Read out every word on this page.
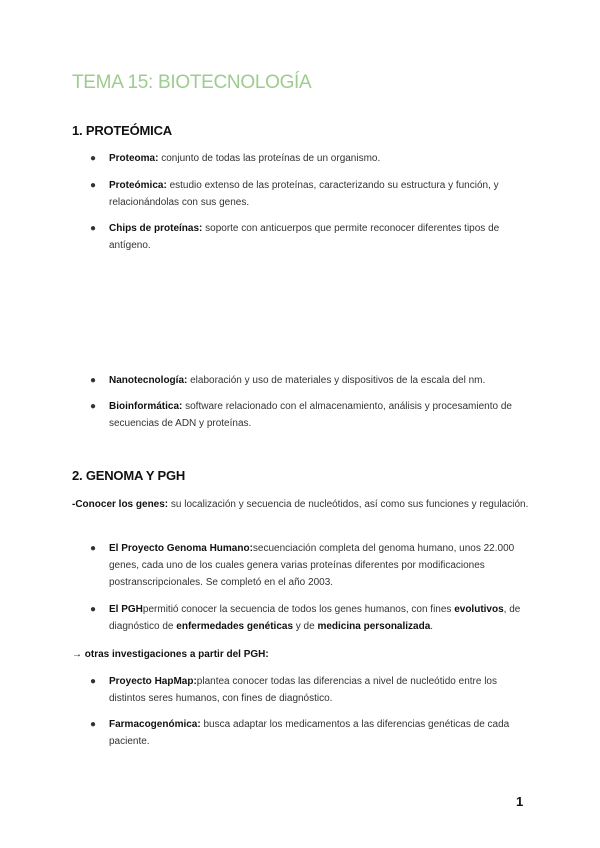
TEMA 15: BIOTECNOLOGÍA
1. PROTEÓMICA
● Proteoma: conjunto de todas las proteínas de un organismo.
● Proteómica: estudio extenso de las proteínas, caracterizando su estructura y función, y relacionándolas con sus genes.
● Chips de proteínas: soporte con anticuerpos que permite reconocer diferentes tipos de antígeno.
● Nanotecnología: elaboración y uso de materiales y dispositivos de la escala del nm.
● Bioinformática: software relacionado con el almacenamiento, análisis y procesamiento de secuencias de ADN y proteínas.
2. GENOMA Y PGH

-Conocer los genes: su localización y secuencia de nucleótidos, así como sus funciones y regulación.

● El Proyecto Genoma Humano:secuenciación completa del genoma humano, unos 22.000 genes, cada uno de los cuales genera varias proteínas diferentes por modificaciones postranscripcionales. Se completó en el año 2003.
● El PGHpermitió conocer la secuencia de todos los genes humanos, con fines evolutivos, de diagnóstico de enfermedades genéticas y de medicina personalizada.

→ otras investigaciones a partir del PGH:

● Proyecto HapMap:plantea conocer todas las diferencias a nivel de nucleótido entre los distintos seres humanos, con fines de diagnóstico.
● Farmacogenómica: busca adaptar los medicamentos a las diferencias genéticas de cada paciente.
1
